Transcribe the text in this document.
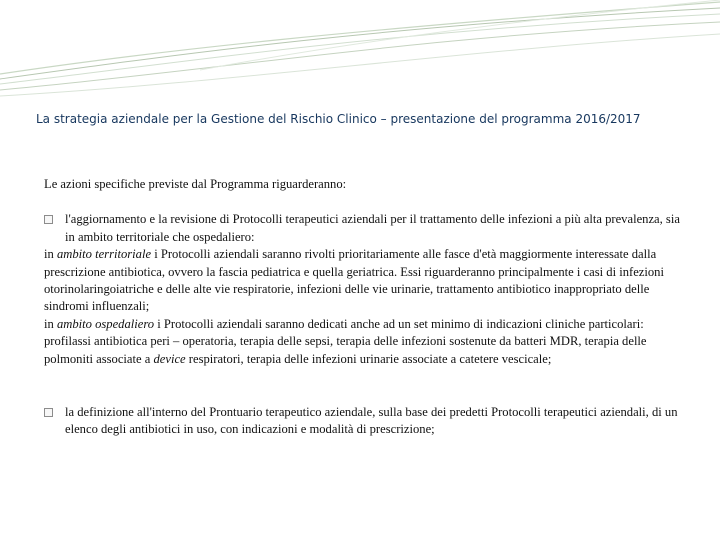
La strategia aziendale per la Gestione del Rischio Clinico – presentazione del programma 2016/2017

Le azioni specifiche previste dal Programma riguarderanno:

l'aggiornamento e la revisione di Protocolli terapeutici aziendali per il trattamento delle infezioni a più alta prevalenza, sia in ambito territoriale che ospedaliero:

in ambito territoriale i Protocolli aziendali saranno rivolti prioritariamente alle fasce d'età maggiormente interessate dalla prescrizione antibiotica, ovvero la fascia pediatrica e quella geriatrica. Essi riguarderanno principalmente i casi di infezioni otorinolaringoiatriche e delle alte vie respiratorie, infezioni delle vie urinarie, trattamento antibiotico inappropriato delle sindromi influenzali;

in ambito ospedaliero i Protocolli aziendali saranno dedicati anche ad un set minimo di indicazioni cliniche particolari: profilassi antibiotica peri – operatoria, terapia delle sepsi, terapia delle infezioni sostenute da batteri MDR, terapia delle polmoniti associate a device respiratori, terapia delle infezioni urinarie associate a catetere vescicale;

la definizione all'interno del Prontuario terapeutico aziendale, sulla base dei predetti Protocolli terapeutici aziendali, di un elenco degli antibiotici in uso, con indicazioni e modalità di prescrizione;
